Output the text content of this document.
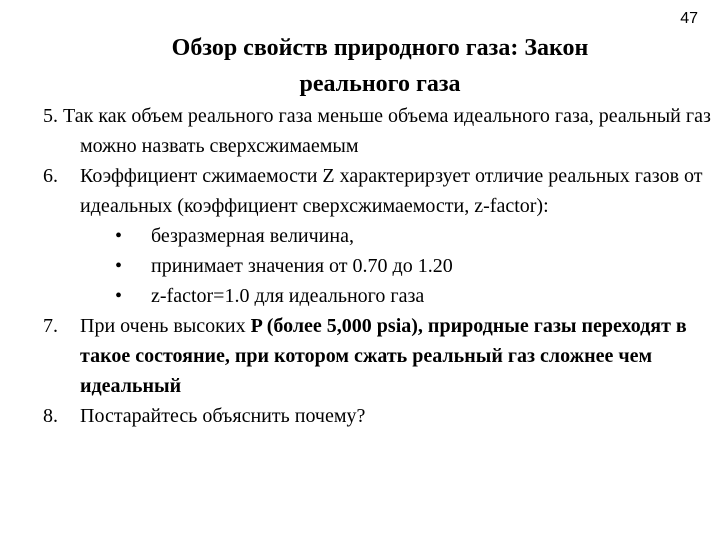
47
Обзор свойств природного газа: Закон
реального газа
5. Так как объем реального газа меньше объема идеального газа, реальный газ можно назвать сверхсжимаемым
6. Коэффициент сжимаемости Z характерирзует отличие реальных газов от идеальных (коэффициент сверхсжимаемости, z-factor):
• безразмерная величина,
• принимает значения от 0.70 до 1.20
• z-factor=1.0 для идеального газа
7. При очень высоких P (более 5,000 psia), природные газы переходят в такое состояние, при котором сжать реальный газ сложнее чем идеальный
8. Постарайтесь объяснить почему?
